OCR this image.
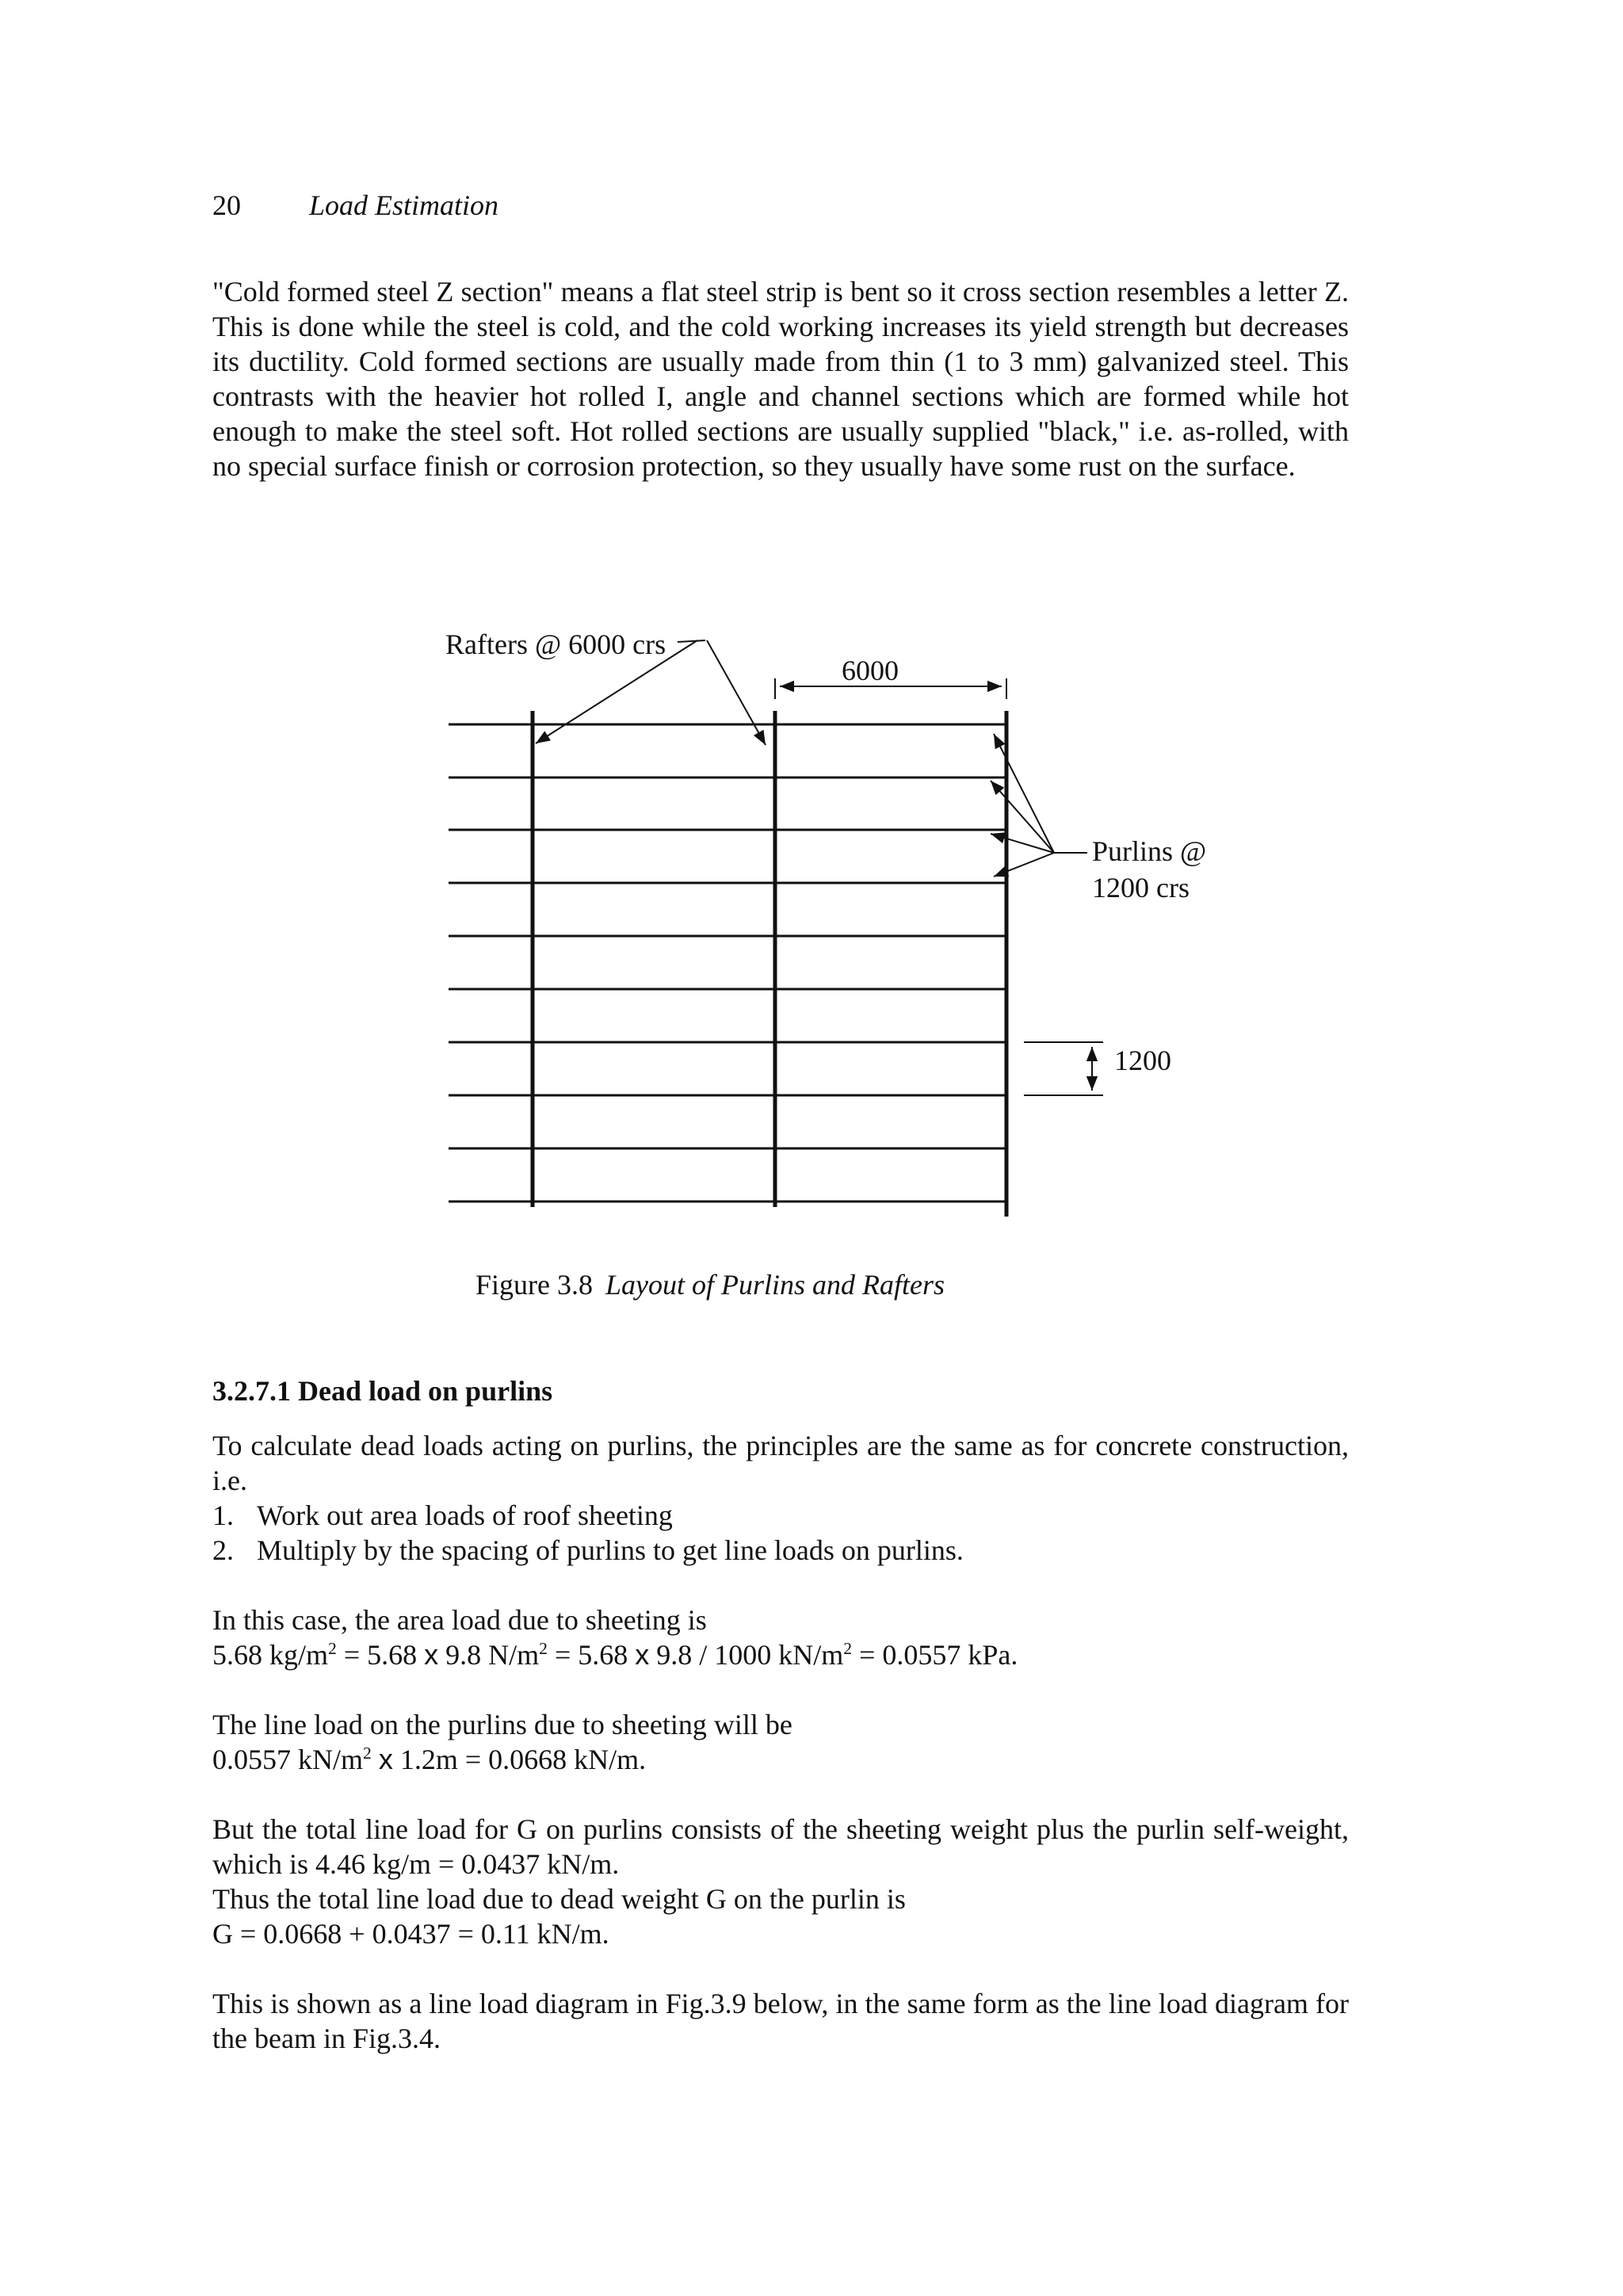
20 Load Estimation

"Cold formed steel Z section" means a flat steel strip is bent so it cross section resembles a letter Z. This is done while the steel is cold, and the cold working increases its yield strength but decreases its ductility. Cold formed sections are usually made from thin (1 to 3 mm) galvanized steel. This contrasts with the heavier hot rolled I, angle and channel sections which are formed while hot enough to make the steel soft. Hot rolled sections are usually supplied "black," i.e. as-rolled, with no special surface finish or corrosion protection, so they usually have some rust on the surface.

Rafters @ 6000 crs
6000
Purlins @
1200 crs
1200
Figure 3.8 Layout of Purlins and Rafters
3.2.7.1 Dead load on purlins

To calculate dead loads acting on purlins, the principles are the same as for concrete construction, i.e.

1. Work out area loads of roof sheeting
2. Multiply by the spacing of purlins to get line loads on purlins.
In this case, the area load due to sheeting is
5.68 $kg/m^2 = 5.68$ x 9.8 $N/m^2 = 5.68$ x 9.8 / 1000 $kN/m^2 = 0.0557$ kPa.
The line load on the purlins due to sheeting will be
0.0557 $kN/m^2$ x 1.2m = 0.0668 kN/m.

But the total line load for G on purlins consists of the sheeting weight plus the purlin self-weight, which is 4.46 kg/m = 0.0437 kN/m.

Thus the total line load due to dead weight G on the purlin is
G = 0.0668 + 0.0437 = 0.11 kN/m.

This is shown as a line load diagram in Fig.3.9 below, in the same form as the line load diagram for the beam in Fig.3.4.
